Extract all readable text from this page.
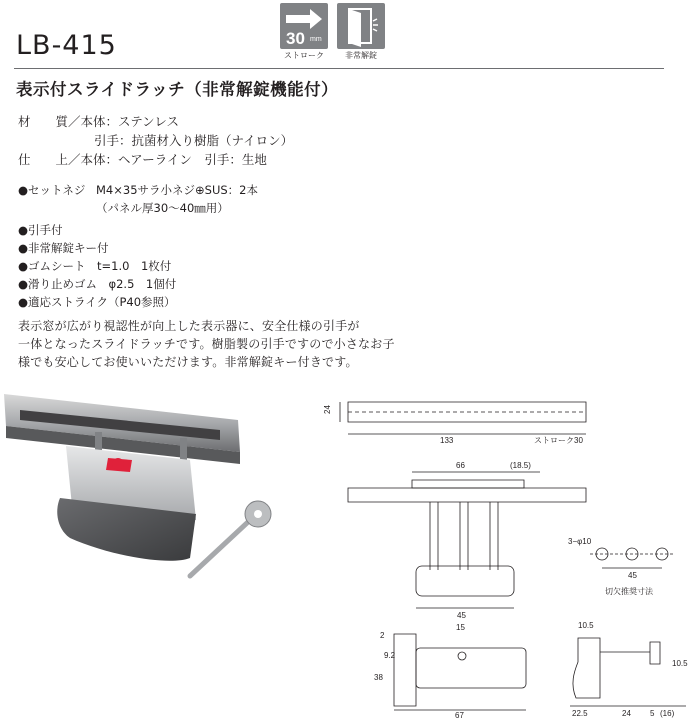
LB-415	30 mm
ストローク	非常解錠
表示付スライドラッチ（非常解錠機能付）
材　　質／本体：ステンレス
引手：抗菌材入り樹脂（ナイロン）
仕　　上／本体：ヘアーライン　引手：生地
●セットネジ M4×35サラ小ネジ⊕SUS：2本
（パネル厚30〜40㎜用）
●引手付
●非常解錠キー付
●ゴムシート　t=1.0　1枚付
●滑り止めゴム　φ2.5　1個付
●適応ストライク（P40参照）
表示窓が広がり視認性が向上した表示器に、安全仕様の引手が
一体となったスライドラッチです。樹脂製の引手ですので小さなお子
様でも安心してお使いいただけます。非常解錠キー付きです。
24
133	ストローク30
66	(18.5)
45
3−φ10
45
切欠推奨寸法
15
2
9.2
38
67
10.5
10.5
22.5	24 5 (16)
